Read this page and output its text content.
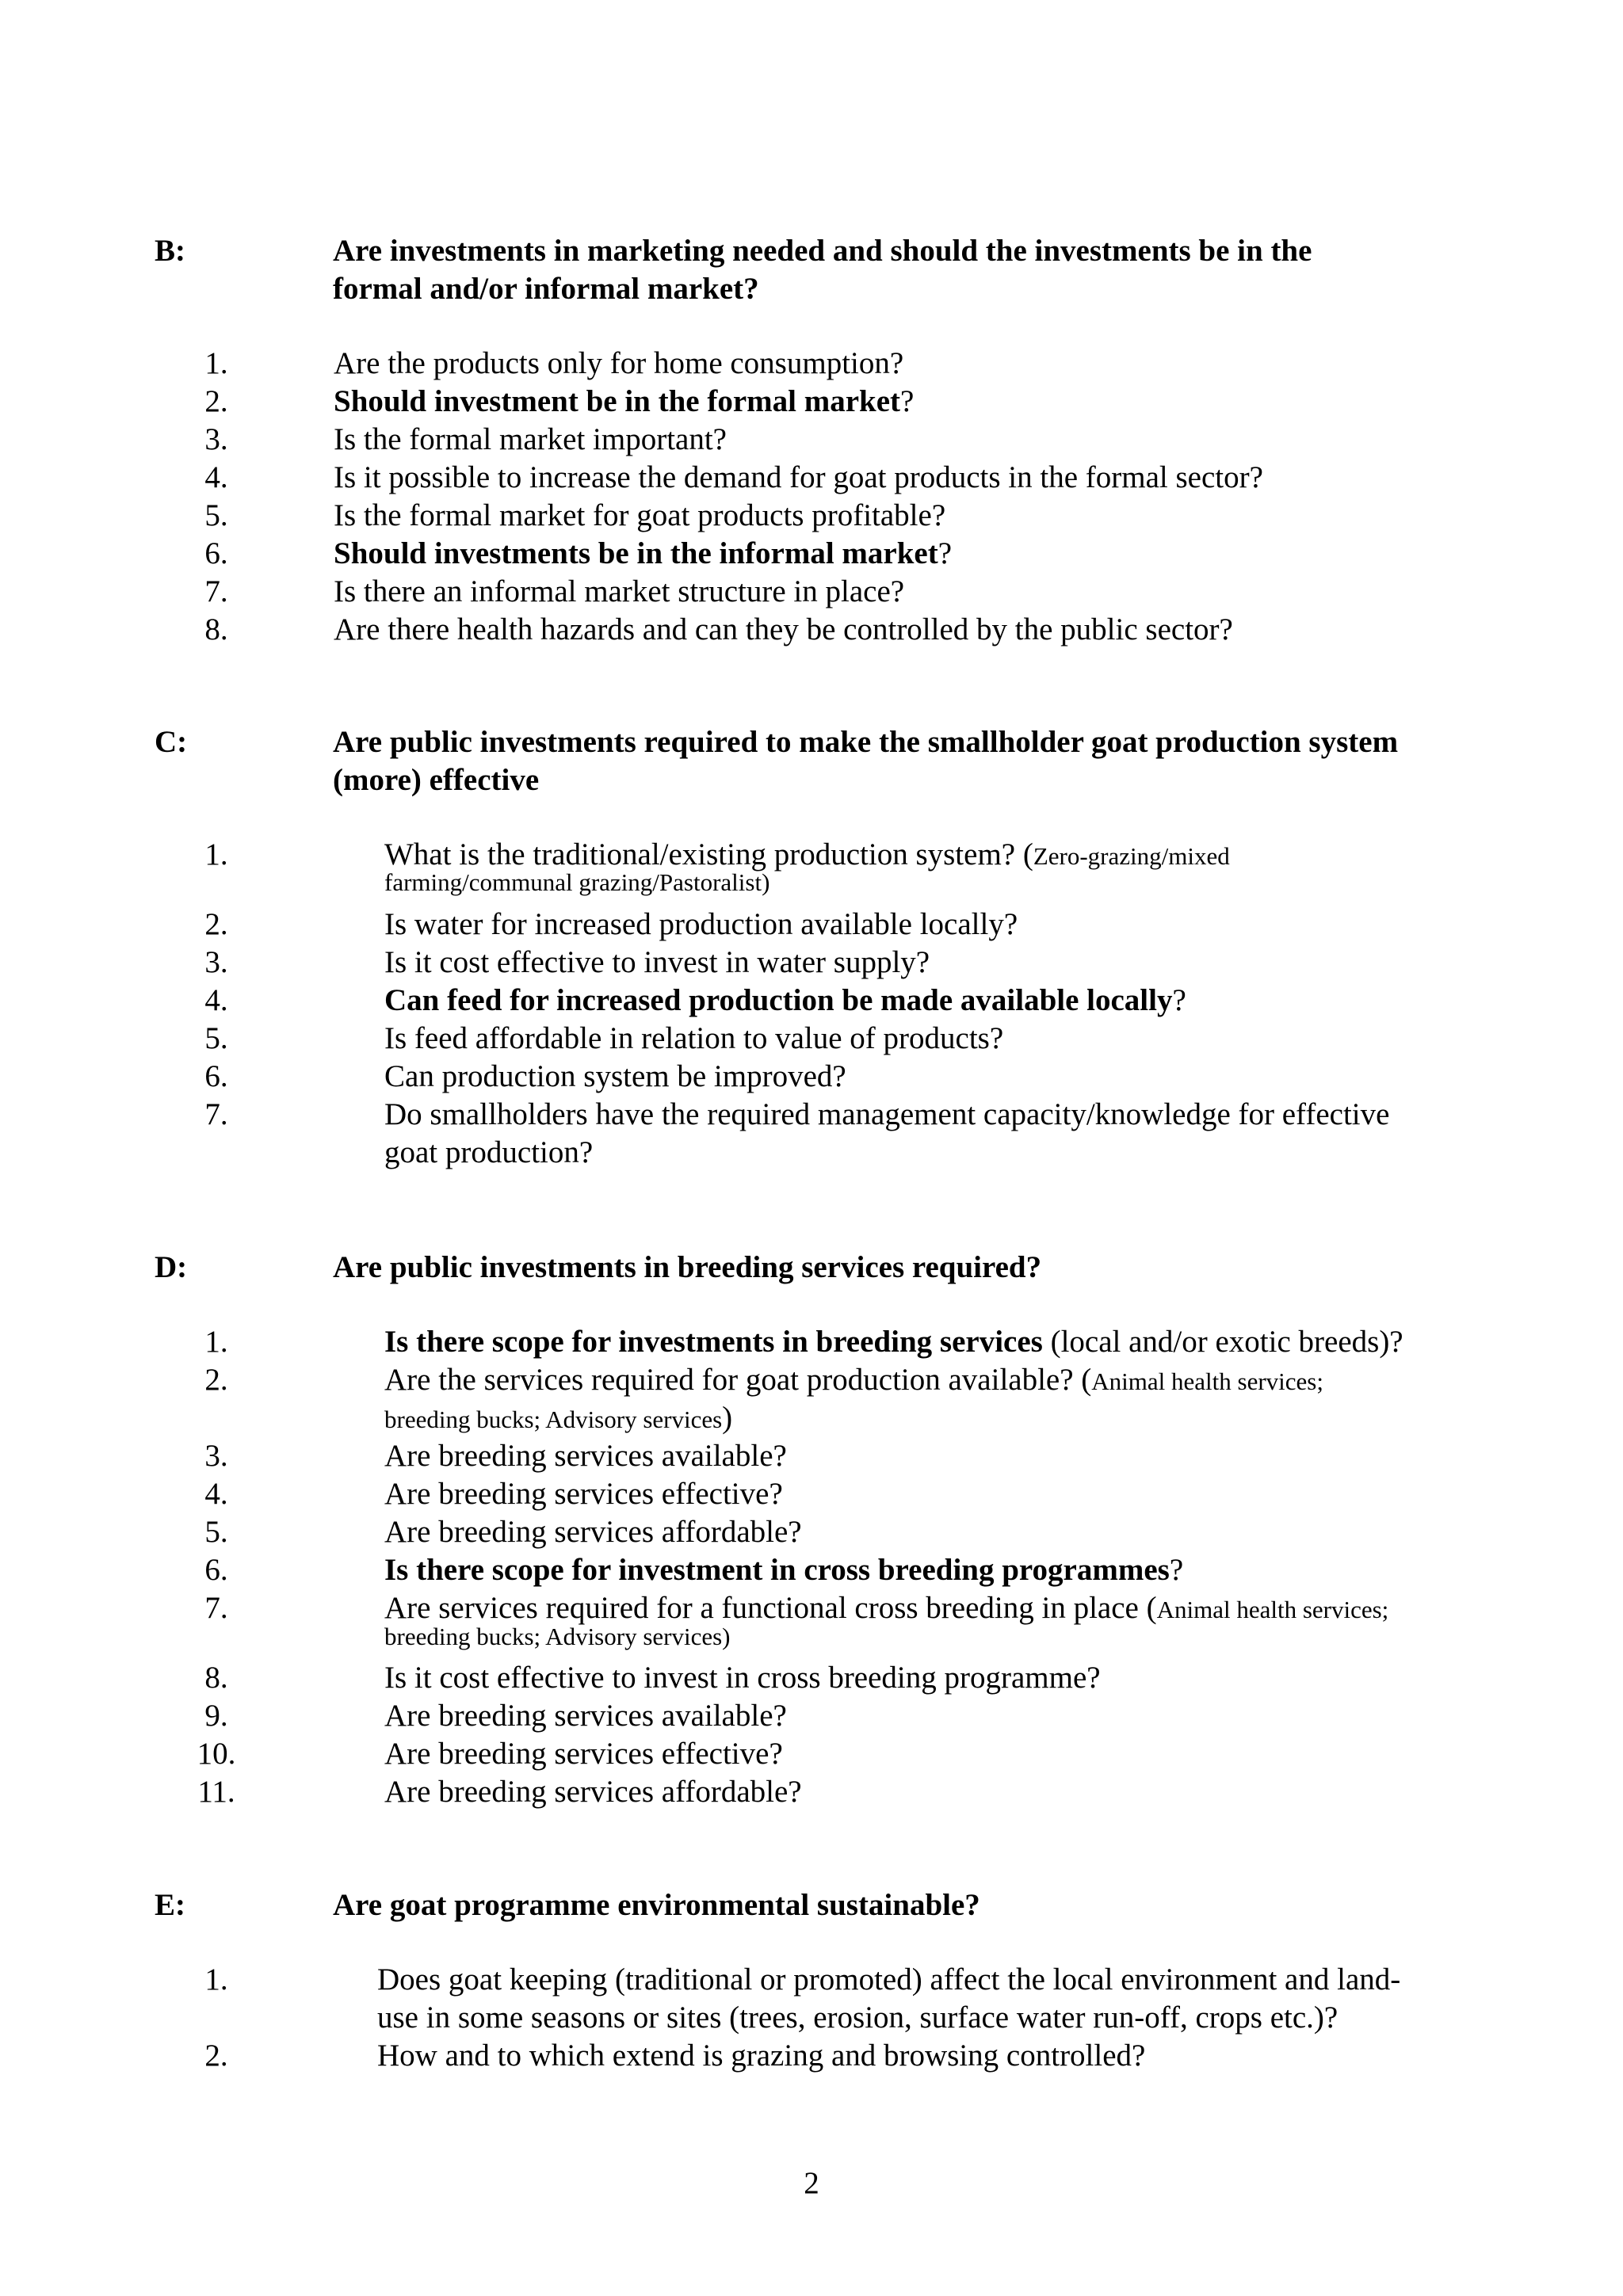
B:	Are investments in marketing needed and should the investments be in the
formal and/or informal market?
1.	Are the products only for home consumption?
2.	Should investment be in the formal market?
3.	Is the formal market important?
4.	Is it possible to increase the demand for goat products in the formal sector?
5.	Is the formal market for goat products profitable?
6.	Should investments be in the informal market?
7.	Is there an informal market structure in place?
8.	Are there health hazards and can they be controlled by the public sector?
C:	Are public investments required to make the smallholder goat production system
(more) effective
1.	What is the traditional/existing production system? (Zero-grazing/mixed
farming/communal grazing/Pastoralist)
2.	Is water for increased production available locally?
3.	Is it cost effective to invest in water supply?
4.	Can feed for increased production be made available locally?
5.	Is feed affordable in relation to value of products?
6.	Can production system be improved?
7.	Do smallholders have the required management capacity/knowledge for effective
goat production?
D:	Are public investments in breeding services required?
1.	Is there scope for investments in breeding services (local and/or exotic breeds)?
2.	Are the services required for goat production available? (Animal health services;
breeding bucks; Advisory services)
3.	Are breeding services available?
4.	Are breeding services effective?
5.	Are breeding services affordable?
6.	Is there scope for investment in cross breeding programmes?
7.	Are services required for a functional cross breeding in place (Animal health services;
breeding bucks; Advisory services)
8.	Is it cost effective to invest in cross breeding programme?
9.	Are breeding services available?
10.	Are breeding services effective?
11.	Are breeding services affordable?
E:	Are goat programme environmental sustainable?
1.	Does goat keeping (traditional or promoted) affect the local environment and land-
use in some seasons or sites (trees, erosion, surface water run-off, crops etc.)?
2.	How and to which extend is grazing and browsing controlled?
2
